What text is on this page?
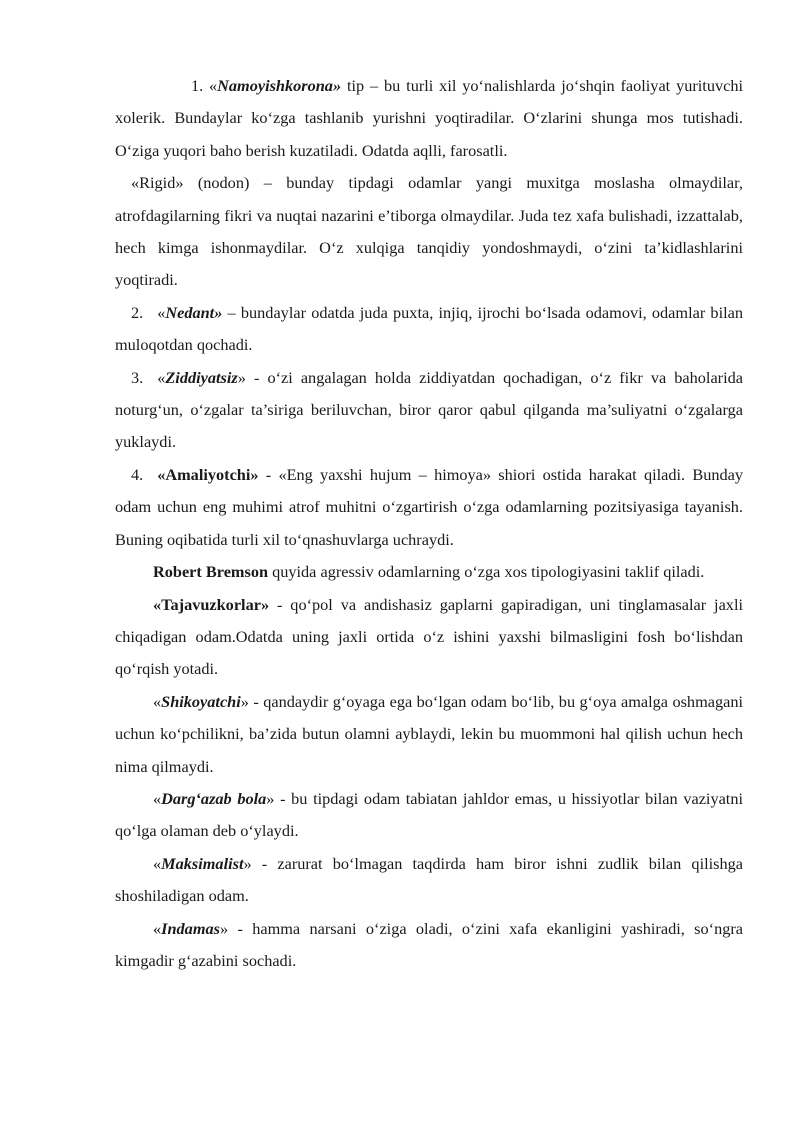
1. «Namoyishkorona» tip – bu turli xil yo‘nalishlarda jo‘shqin faoliyat yurituvchi xolerik. Bundaylar ko‘zga tashlanib yurishni yoqtiradilar. O‘zlarini shunga mos tutishadi. O‘ziga yuqori baho berish kuzatiladi. Odatda aqlli, farosatli.

«Rigid» (nodon) – bunday tipdagi odamlar yangi muxitga moslasha olmaydilar, atrofdagilarning fikri va nuqtai nazarini e’tiborga olmaydilar. Juda tez xafa bulishadi, izzattalab, hech kimga ishonmaydilar. O‘z xulqiga tanqidiy yondoshmaydi, o‘zini ta’kidlashlarini yoqtiradi.

2. «Nedant» – bundaylar odatda juda puxta, injiq, ijrochi bo‘lsada odamovi, odamlar bilan muloqotdan qochadi.

3. «Ziddiyatsiz» - o‘zi angalagan holda ziddiyatdan qochadigan, o‘z fikr va baholarida noturg‘un, o‘zgalar ta’siriga beriluvchan, biror qaror qabul qilganda ma’suliyatni o‘zgalarga yuklaydi.

4. «Amaliyotchi» - «Eng yaxshi hujum – himoya» shiori ostida harakat qiladi. Bunday odam uchun eng muhimi atrof muhitni o‘zgartirish o‘zga odamlarning pozitsiyasiga tayanish. Buning oqibatida turli xil to‘qnashuvlarga uchraydi.

Robert Bremson quyida agressiv odamlarning o‘zga xos tipologiyasini taklif qiladi.

«Tajavuzkorlar» - qo‘pol va andishasiz gaplarni gapiradigan, uni tinglamasalar jaxli chiqadigan odam.Odatda uning jaxli ortida o‘z ishini yaxshi bilmasligini fosh bo‘lishdan qo‘rqish yotadi.

«Shikoyatchi» - qandaydir g‘oyaga ega bo‘lgan odam bo‘lib, bu g‘oya amalga oshmagani uchun ko‘pchilikni, ba’zida butun olamni ayblaydi, lekin bu muommoni hal qilish uchun hech nima qilmaydi.

«Darg‘azab bola» - bu tipdagi odam tabiatan jahldor emas, u hissiyotlar bilan vaziyatni qo‘lga olaman deb o‘ylaydi.

«Maksimalist» - zarurat bo‘lmagan taqdirda ham biror ishni zudlik bilan qilishga shoshiladigan odam.

«Indamas» - hamma narsani o‘ziga oladi, o‘zini xafa ekanligini yashiradi, so‘ngra kimgadir g‘azabini sochadi.
